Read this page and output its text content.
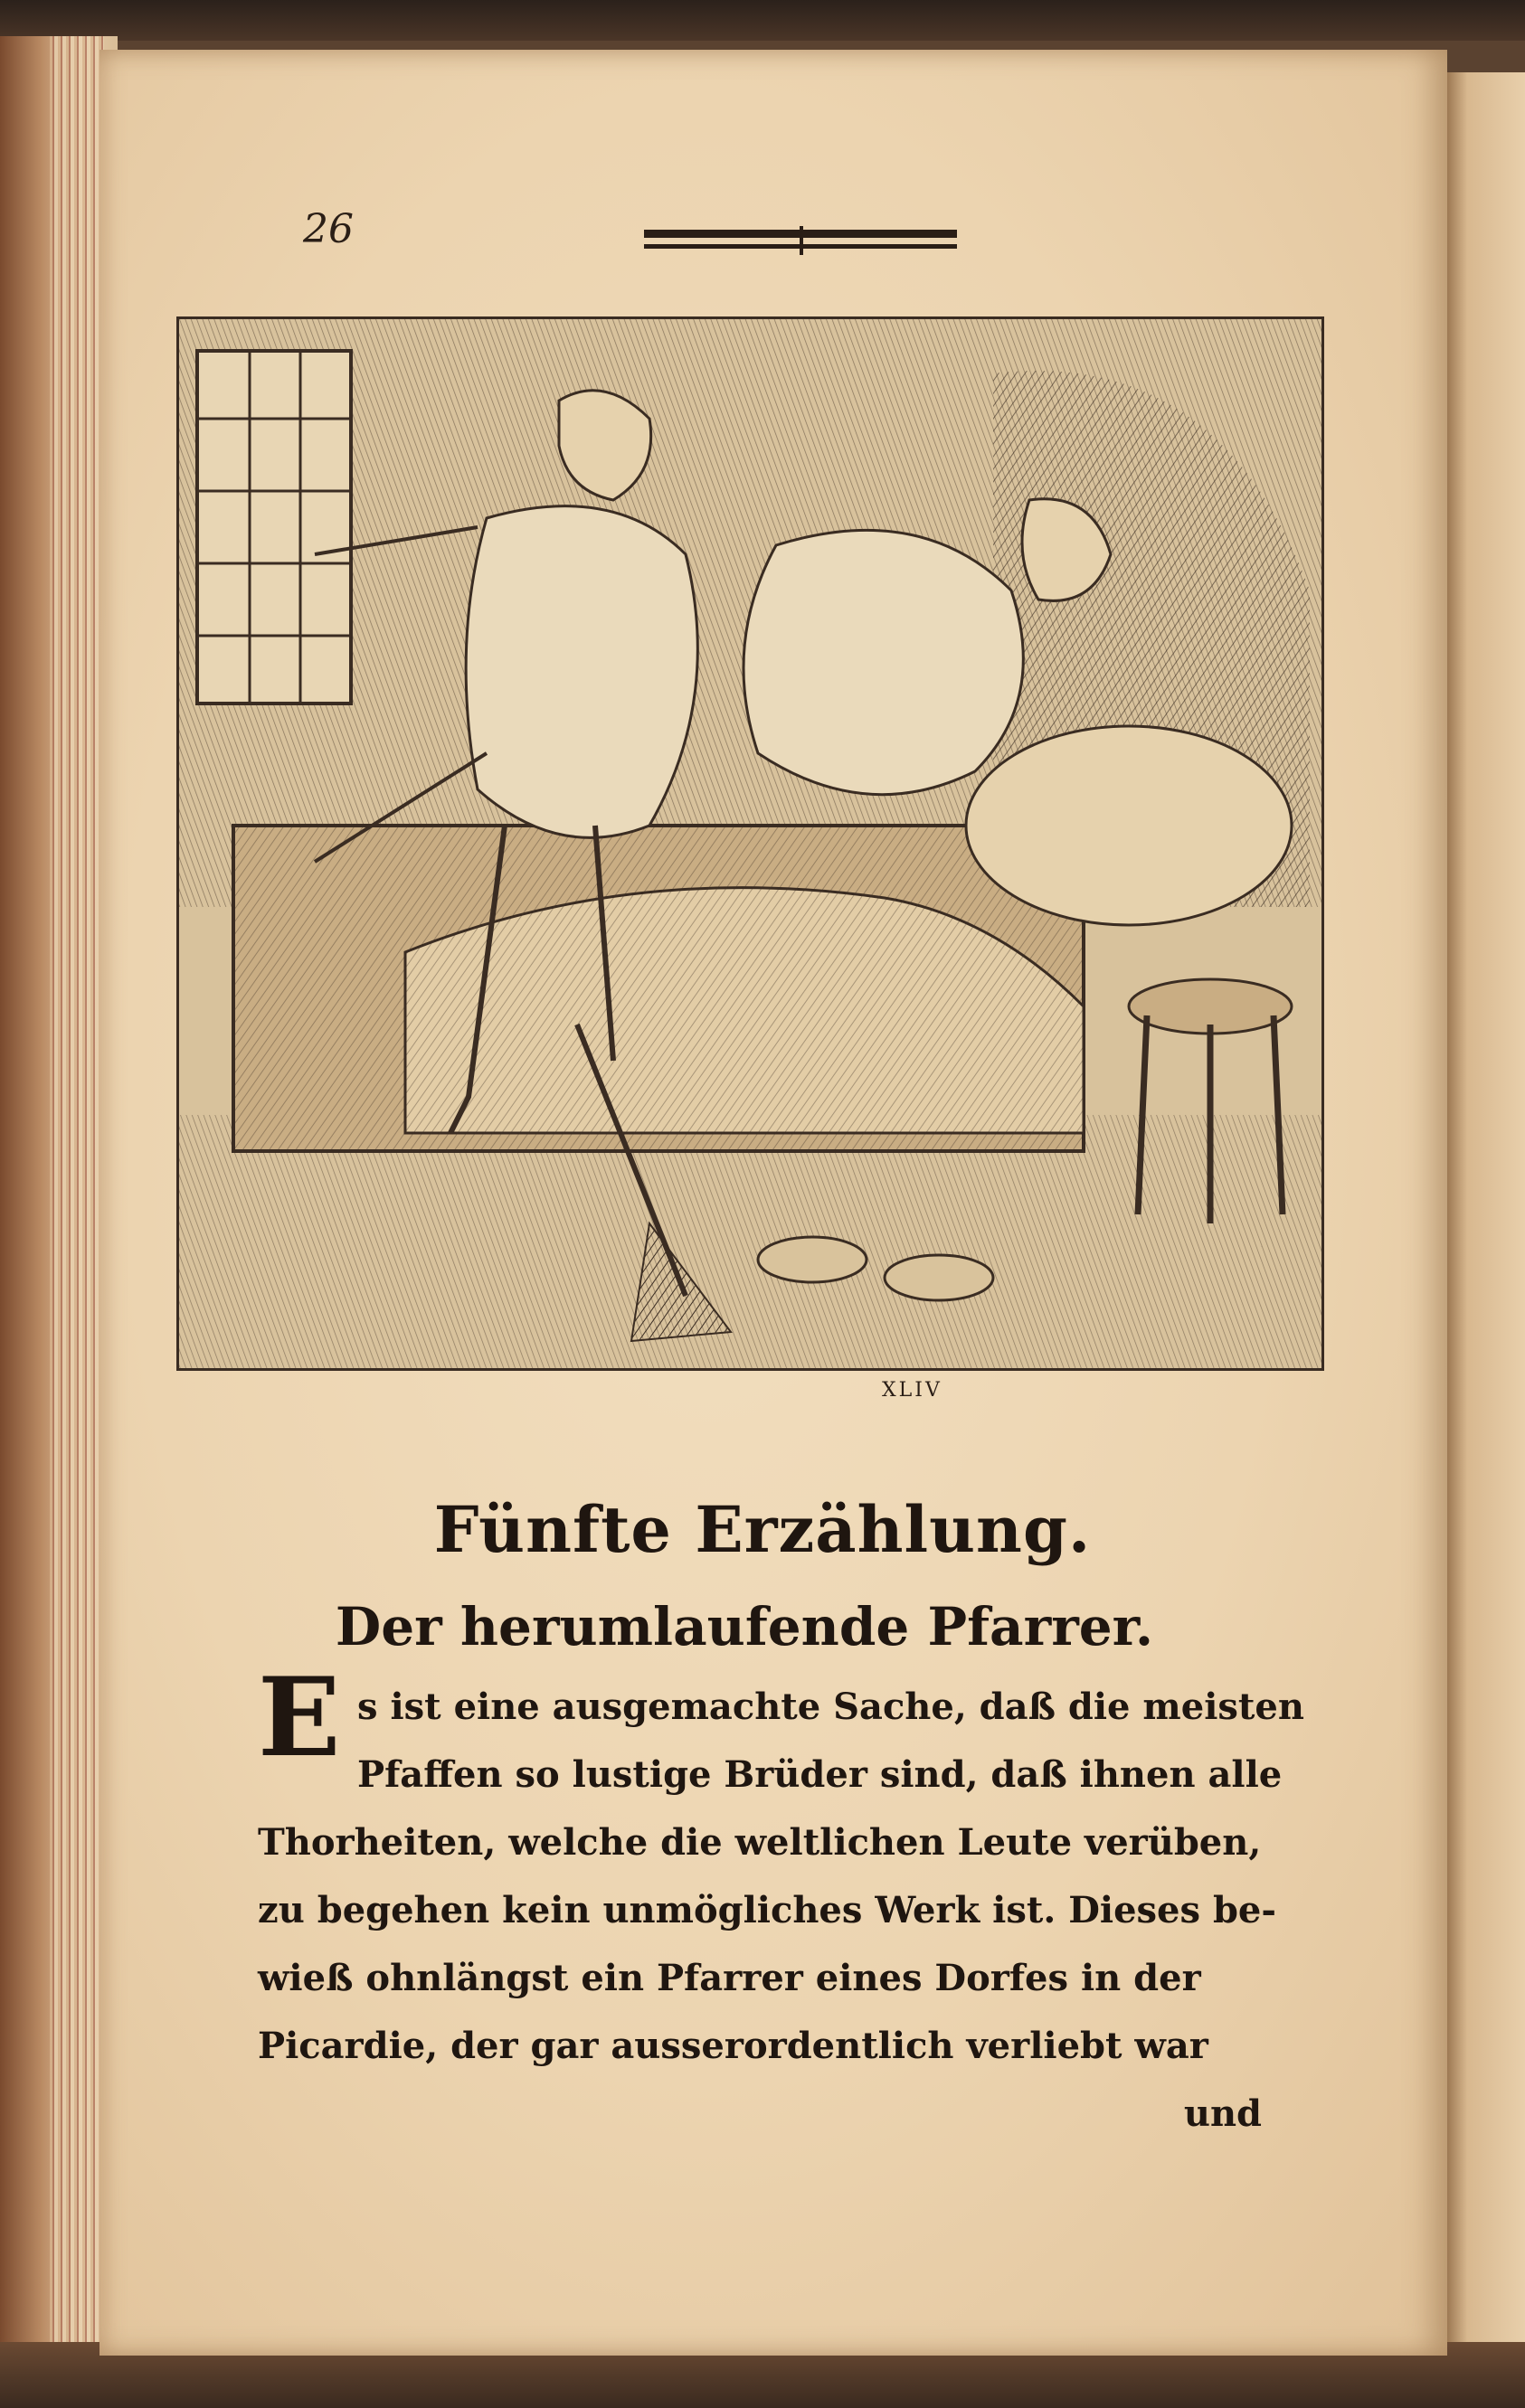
26
XLIV
Fünfte Erzählung.
Der herumlaufende Pfarrer.
E s ist eine ausgemachte Sache, daß die meisten
Pfaffen so lustige Brüder sind, daß ihnen alle
Thorheiten, welche die weltlichen Leute verüben,
zu begehen kein unmögliches Werk ist. Dieses be-
wieß ohnlängst ein Pfarrer eines Dorfes in der
Picardie, der gar ausserordentlich verliebt war
und
